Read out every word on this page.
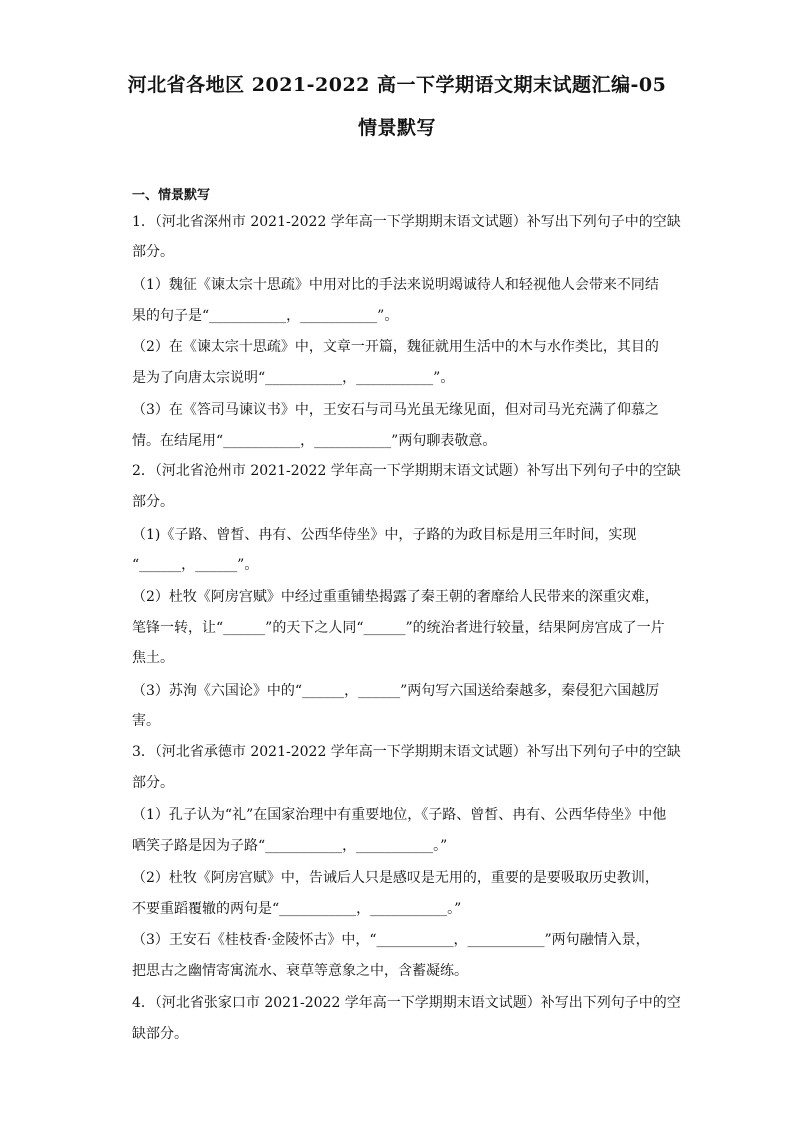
河北省各地区 2021-2022 高一下学期语文期末试题汇编-05
情景默写
一、情景默写
1．（河北省深州市 2021-2022 学年高一下学期期末语文试题）补写出下列句子中的空缺
部分。
（1）魏征《谏太宗十思疏》中用对比的手法来说明竭诚待人和轻视他人会带来不同结
果的句子是“___________，___________”。
（2）在《谏太宗十思疏》中，文章一开篇，魏征就用生活中的木与水作类比，其目的
是为了向唐太宗说明“___________，___________”。
（3）在《答司马谏议书》中，王安石与司马光虽无缘见面，但对司马光充满了仰慕之
情。在结尾用“___________，___________”两句聊表敬意。
2．（河北省沧州市 2021-2022 学年高一下学期期末语文试题）补写出下列句子中的空缺
部分。
（1)《子路、曾皙、冉有、公西华侍坐》中，子路的为政目标是用三年时间，实现
“______，______”。
（2）杜牧《阿房宫赋》中经过重重铺垫揭露了秦王朝的奢靡给人民带来的深重灾难，
笔锋一转，让“______”的天下之人同“______”的统治者进行较量，结果阿房宫成了一片
焦土。
（3）苏洵《六国论》中的“______，______”两句写六国送给秦越多，秦侵犯六国越厉
害。
3．（河北省承德市 2021-2022 学年高一下学期期末语文试题）补写出下列句子中的空缺
部分。
（1）孔子认为“礼”在国家治理中有重要地位，《子路、曾皙、冉有、公西华侍坐》中他
哂笑子路是因为子路“___________，___________。”
（2）杜牧《阿房宫赋》中，告诫后人只是感叹是无用的，重要的是要吸取历史教训，
不要重蹈覆辙的两句是“___________，___________。”
（3）王安石《桂枝香·金陵怀古》中，“___________，___________”两句融情入景，
把思古之幽情寄寓流水、衰草等意象之中，含蓄凝练。
4．（河北省张家口市 2021-2022 学年高一下学期期末语文试题）补写出下列句子中的空
缺部分。
